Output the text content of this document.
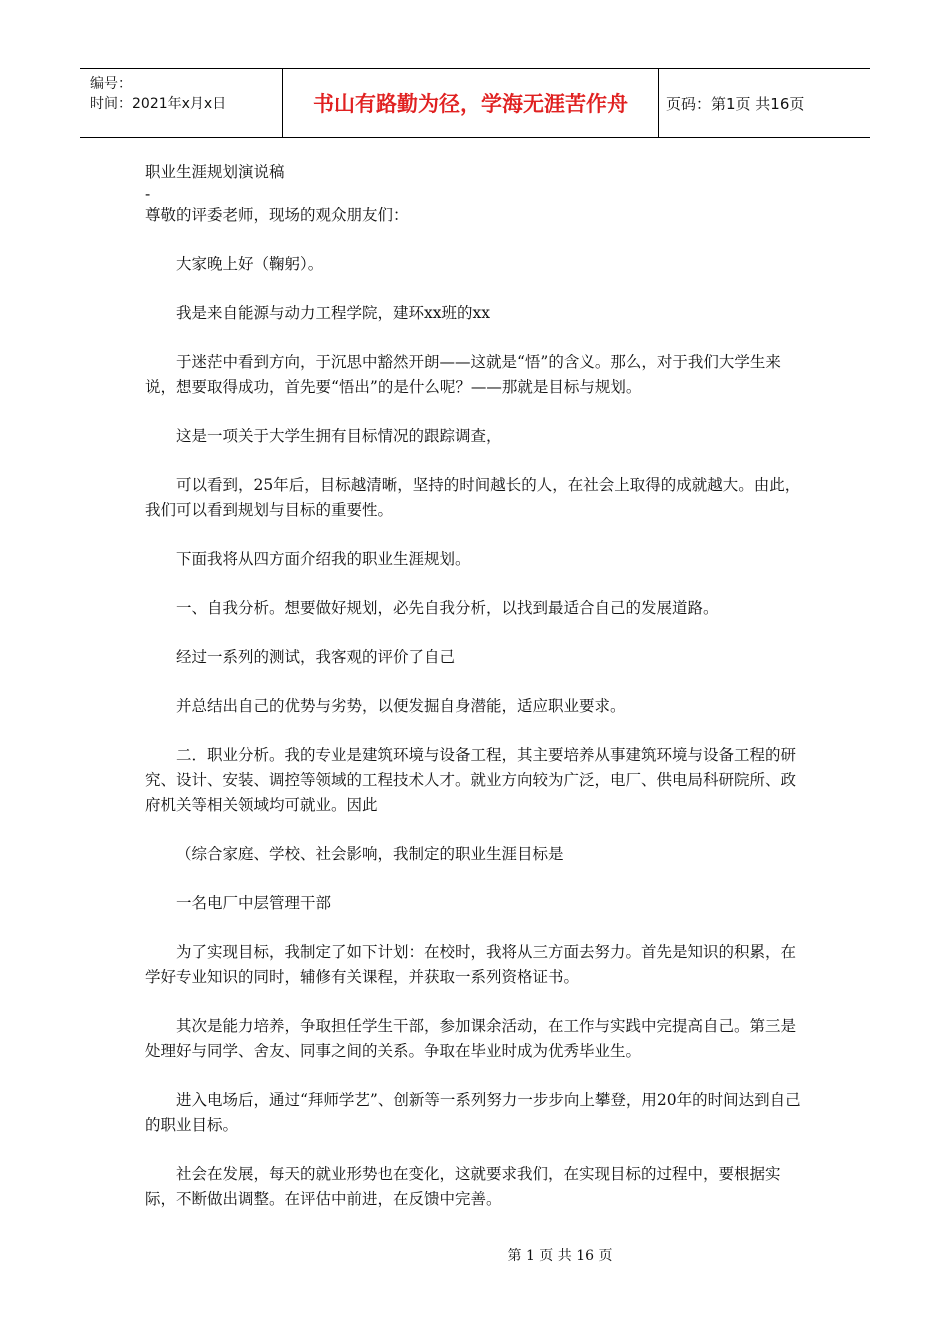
编号：
时间：2021年x月x日	书山有路勤为径，学海无涯苦作舟	页码：第1页 共16页

职业生涯规划演说稿

-

尊敬的评委老师，现场的观众朋友们：

大家晚上好（鞠躬）。

我是来自能源与动力工程学院，建环xx班的xx

于迷茫中看到方向，于沉思中豁然开朗——这就是“悟”的含义。那么，对于我们大学生来说，想要取得成功，首先要“悟出”的是什么呢？——那就是目标与规划。

这是一项关于大学生拥有目标情况的跟踪调查，

可以看到，25年后，目标越清晰，坚持的时间越长的人，在社会上取得的成就越大。由此，我们可以看到规划与目标的重要性。

下面我将从四方面介绍我的职业生涯规划。

一、自我分析。想要做好规划，必先自我分析，以找到最适合自己的发展道路。

经过一系列的测试，我客观的评价了自己

并总结出自己的优势与劣势，以便发掘自身潜能，适应职业要求。

二．职业分析。我的专业是建筑环境与设备工程，其主要培养从事建筑环境与设备工程的研究、设计、安装、调控等领域的工程技术人才。就业方向较为广泛，电厂、供电局科研院所、政府机关等相关领域均可就业。因此

（综合家庭、学校、社会影响，我制定的职业生涯目标是

一名电厂中层管理干部

为了实现目标，我制定了如下计划：在校时，我将从三方面去努力。首先是知识的积累，在学好专业知识的同时，辅修有关课程，并获取一系列资格证书。

其次是能力培养，争取担任学生干部，参加课余活动，在工作与实践中完提高自己。第三是处理好与同学、舍友、同事之间的关系。争取在毕业时成为优秀毕业生。

进入电场后，通过“拜师学艺”、创新等一系列努力一步步向上攀登，用20年的时间达到自己的职业目标。

社会在发展，每天的就业形势也在变化，这就要求我们，在实现目标的过程中，要根据实际，不断做出调整。在评估中前进，在反馈中完善。

第 1 页 共 16 页
